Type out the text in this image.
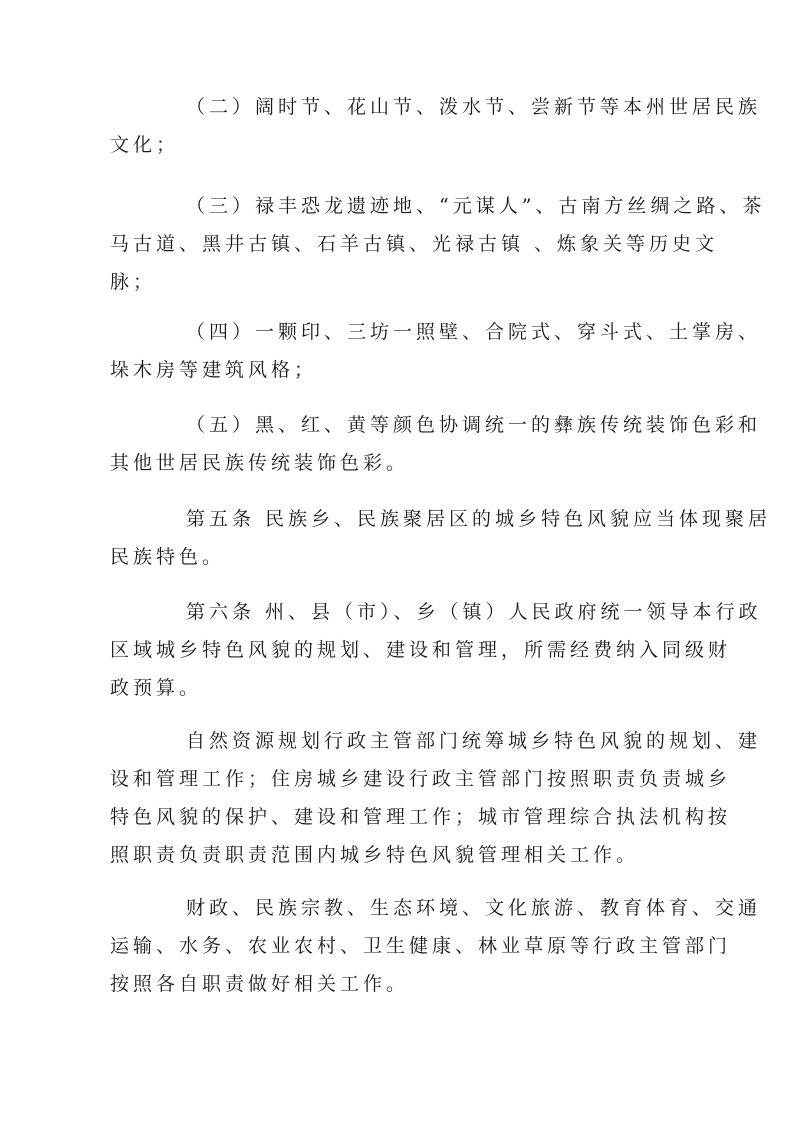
（二）阔时节、花山节、泼水节、尝新节等本州世居民族
文化；
（三）禄丰恐龙遗迹地、“元谋人”、古南方丝绸之路、茶
马古道、黑井古镇、石羊古镇、光禄古镇 、炼象关等历史文
脉；
（四）一颗印、三坊一照壁、合院式、穿斗式、土掌房、
垛木房等建筑风格；
（五）黑、红、黄等颜色协调统一的彝族传统装饰色彩和
其他世居民族传统装饰色彩。
第五条 民族乡、民族聚居区的城乡特色风貌应当体现聚居
民族特色。
第六条 州、县（市）、乡（镇）人民政府统一领导本行政
区域城乡特色风貌的规划、建设和管理，所需经费纳入同级财
政预算。
自然资源规划行政主管部门统筹城乡特色风貌的规划、建
设和管理工作；住房城乡建设行政主管部门按照职责负责城乡
特色风貌的保护、建设和管理工作；城市管理综合执法机构按
照职责负责职责范围内城乡特色风貌管理相关工作。
财政、民族宗教、生态环境、文化旅游、教育体育、交通
运输、水务、农业农村、卫生健康、林业草原等行政主管部门
按照各自职责做好相关工作。
